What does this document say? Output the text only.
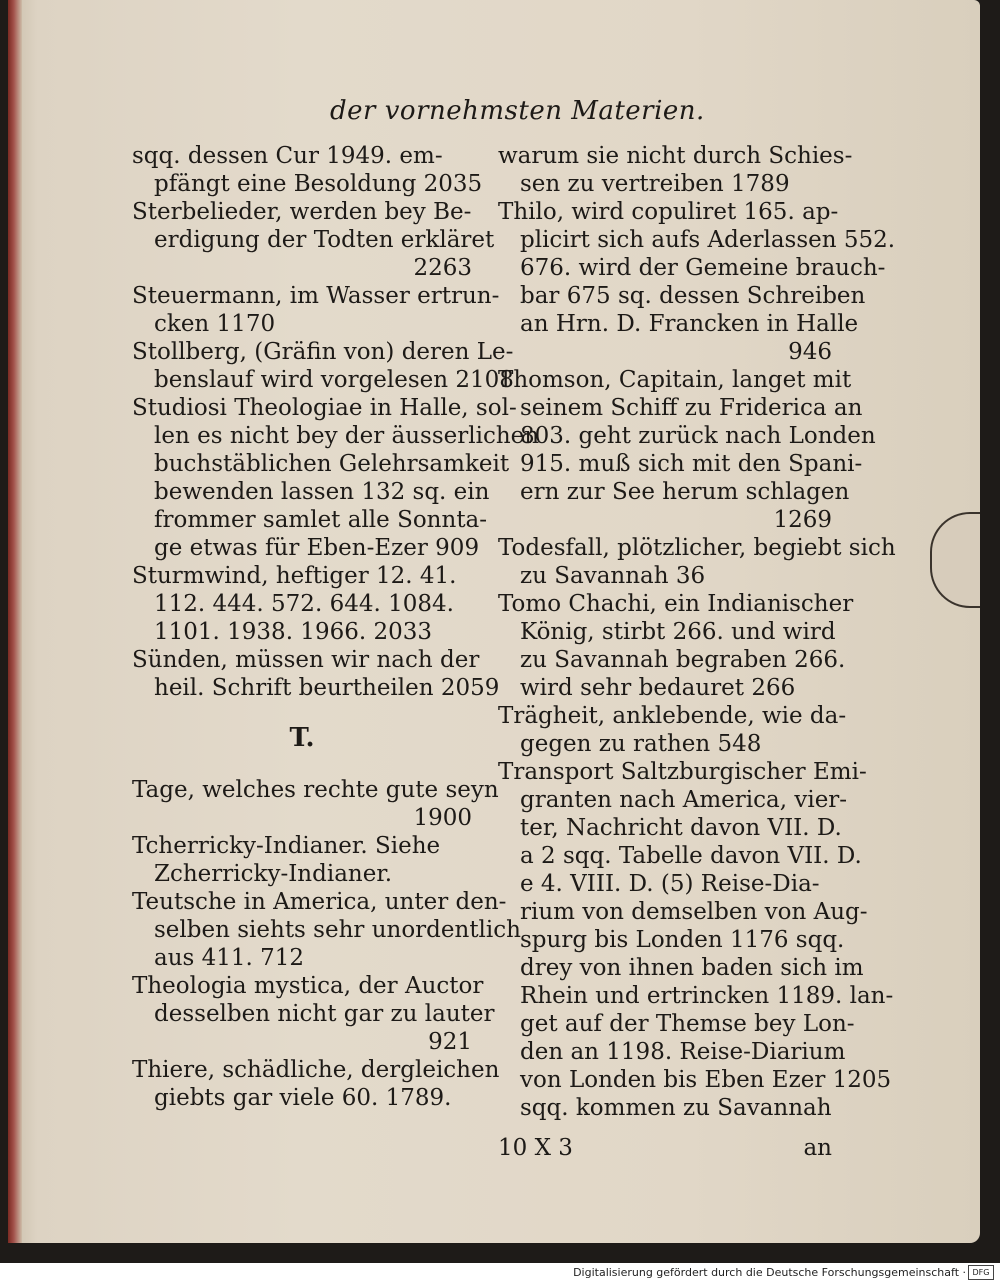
der vornehmsten Materien.
sqq. dessen Cur 1949. em-
pfängt eine Besoldung 2035
Sterbelieder, werden bey Be-
erdigung der Todten erkläret
2263
Steuermann, im Wasser ertrun-
cken 1170
Stollberg, (Gräfin von) deren Le-
benslauf wird vorgelesen 2108
Studiosi Theologiae in Halle, sol-
len es nicht bey der äusserlichen
buchstäblichen Gelehrsamkeit
bewenden lassen 132 sq. ein
frommer samlet alle Sonnta-
ge etwas für Eben-Ezer 909
Sturmwind, heftiger 12. 41.
112. 444. 572. 644. 1084.
1101. 1938. 1966. 2033
Sünden, müssen wir nach der
heil. Schrift beurtheilen 2059
T.
Tage, welches rechte gute seyn
1900
Tcherricky-Indianer. Siehe
Zcherricky-Indianer.
Teutsche in America, unter den-
selben siehts sehr unordentlich
aus 411. 712
Theologia mystica, der Auctor
desselben nicht gar zu lauter
921
Thiere, schädliche, dergleichen
giebts gar viele 60. 1789.
warum sie nicht durch Schies-
sen zu vertreiben 1789
Thilo, wird copuliret 165. ap-
plicirt sich aufs Aderlassen 552.
676. wird der Gemeine brauch-
bar 675 sq. dessen Schreiben
an Hrn. D. Francken in Halle
946
Thomson, Capitain, langet mit
seinem Schiff zu Friderica an
803. geht zurück nach Londen
915. muß sich mit den Spani-
ern zur See herum schlagen
1269
Todesfall, plötzlicher, begiebt sich
zu Savannah 36
Tomo Chachi, ein Indianischer
König, stirbt 266. und wird
zu Savannah begraben 266.
wird sehr bedauret 266
Trägheit, anklebende, wie da-
gegen zu rathen 548
Transport Saltzburgischer Emi-
granten nach America, vier-
ter, Nachricht davon VII. D.
a 2 sqq. Tabelle davon VII. D.
e 4. VIII. D. (5) Reise-Dia-
rium von demselben von Aug-
spurg bis Londen 1176 sqq.
drey von ihnen baden sich im
Rhein und ertrincken 1189. lan-
get auf der Themse bey Lon-
den an 1198. Reise-Diarium
von Londen bis Eben Ezer 1205
sqq. kommen zu Savannah
10 X 3	an
Digitalisierung gefördert durch die Deutsche Forschungsgemeinschaft · DFG
